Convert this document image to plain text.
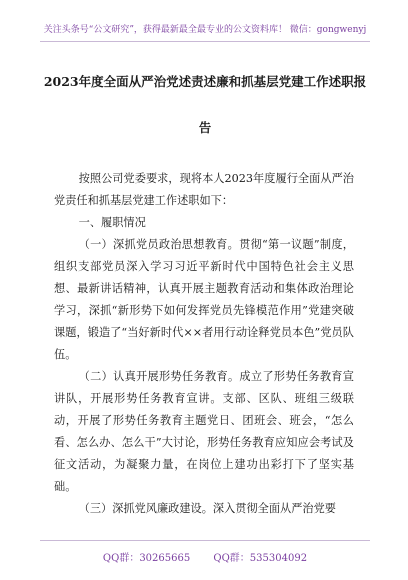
关注头条号“公文研究”，获得最新最全最专业的公文资料库！ 微信：gongwenyj
2023年度全面从严治党述责述廉和抓基层党建工作述职报
告

按照公司党委要求，现将本人2023年度履行全面从严治党责任和抓基层党建工作述职如下：

一、履职情况

（一）深抓党员政治思想教育。贯彻“第一议题”制度，组织支部党员深入学习习近平新时代中国特色社会主义思想、最新讲话精神，认真开展主题教育活动和集体政治理论学习，深抓“新形势下如何发挥党员先锋模范作用”党建突破课题，锻造了“当好新时代××者用行动诠释党员本色”党员队伍。

（二）认真开展形势任务教育。成立了形势任务教育宣讲队，开展形势任务教育宣讲。支部、区队、班组三级联动，开展了形势任务教育主题党日、团班会、班会，“怎么看、怎么办、怎么干”大讨论，形势任务教育应知应会考试及征文活动，为凝聚力量，在岗位上建功出彩打下了坚实基础。

（三）深抓党风廉政建设。深入贯彻全面从严治党要

QQ群：30265665 QQ群：535304092
